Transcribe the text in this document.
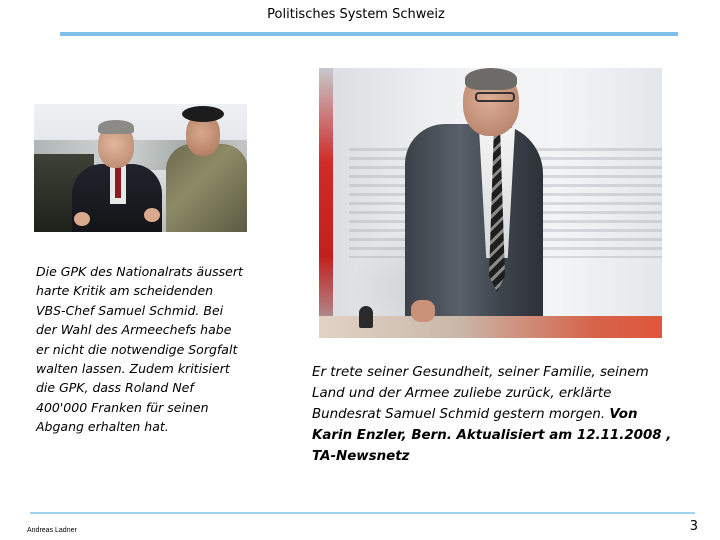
Politisches System Schweiz
Die GPK des Nationalrats äussert harte Kritik am scheidenden VBS-Chef Samuel Schmid. Bei der Wahl des Armeechefs habe er nicht die notwendige Sorgfalt walten lassen. Zudem kritisiert die GPK, dass Roland Nef 400'000 Franken für seinen Abgang erhalten hat.
Er trete seiner Gesundheit, seiner Familie, seinem Land und der Armee zuliebe zurück, erklärte Bundesrat Samuel Schmid gestern morgen. Von Karin Enzler, Bern. Aktualisiert am 12.11.2008 , TA-Newsnetz
Andreas Ladner	3
